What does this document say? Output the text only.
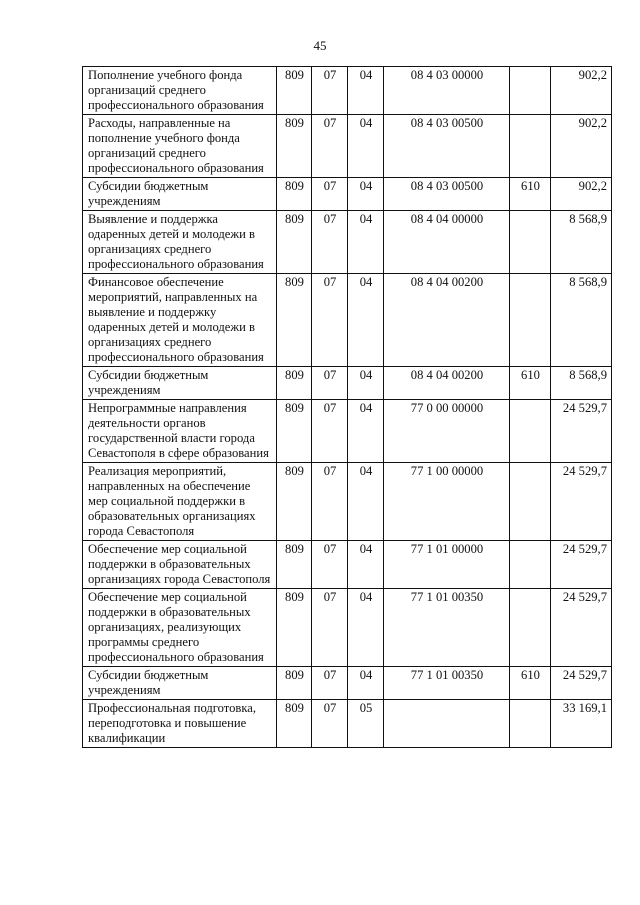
45
Пополнение учебного фонда организаций среднего профессионального образования	809	07	04	08 4 03 00000		902,2
Расходы, направленные на пополнение учебного фонда организаций среднего профессионального образования	809	07	04	08 4 03 00500		902,2
Субсидии бюджетным учреждениям	809	07	04	08 4 03 00500	610	902,2
Выявление и поддержка одаренных детей и молодежи в организациях среднего профессионального образования	809	07	04	08 4 04 00000		8 568,9
Финансовое обеспечение мероприятий, направленных на выявление и поддержку одаренных детей и молодежи в организациях среднего профессионального образования	809	07	04	08 4 04 00200		8 568,9
Субсидии бюджетным учреждениям	809	07	04	08 4 04 00200	610	8 568,9
Непрограммные направления деятельности органов государственной власти города Севастополя в сфере образования	809	07	04	77 0 00 00000		24 529,7
Реализация мероприятий, направленных на обеспечение мер социальной поддержки в образовательных организациях города Севастополя	809	07	04	77 1 00 00000		24 529,7
Обеспечение мер социальной поддержки в образовательных организациях города Севастополя	809	07	04	77 1 01 00000		24 529,7
Обеспечение мер социальной поддержки в образовательных организациях, реализующих программы среднего профессионального образования	809	07	04	77 1 01 00350		24 529,7
Субсидии бюджетным учреждениям	809	07	04	77 1 01 00350	610	24 529,7
Профессиональная подготовка, переподготовка и повышение квалификации	809	07	05			33 169,1
